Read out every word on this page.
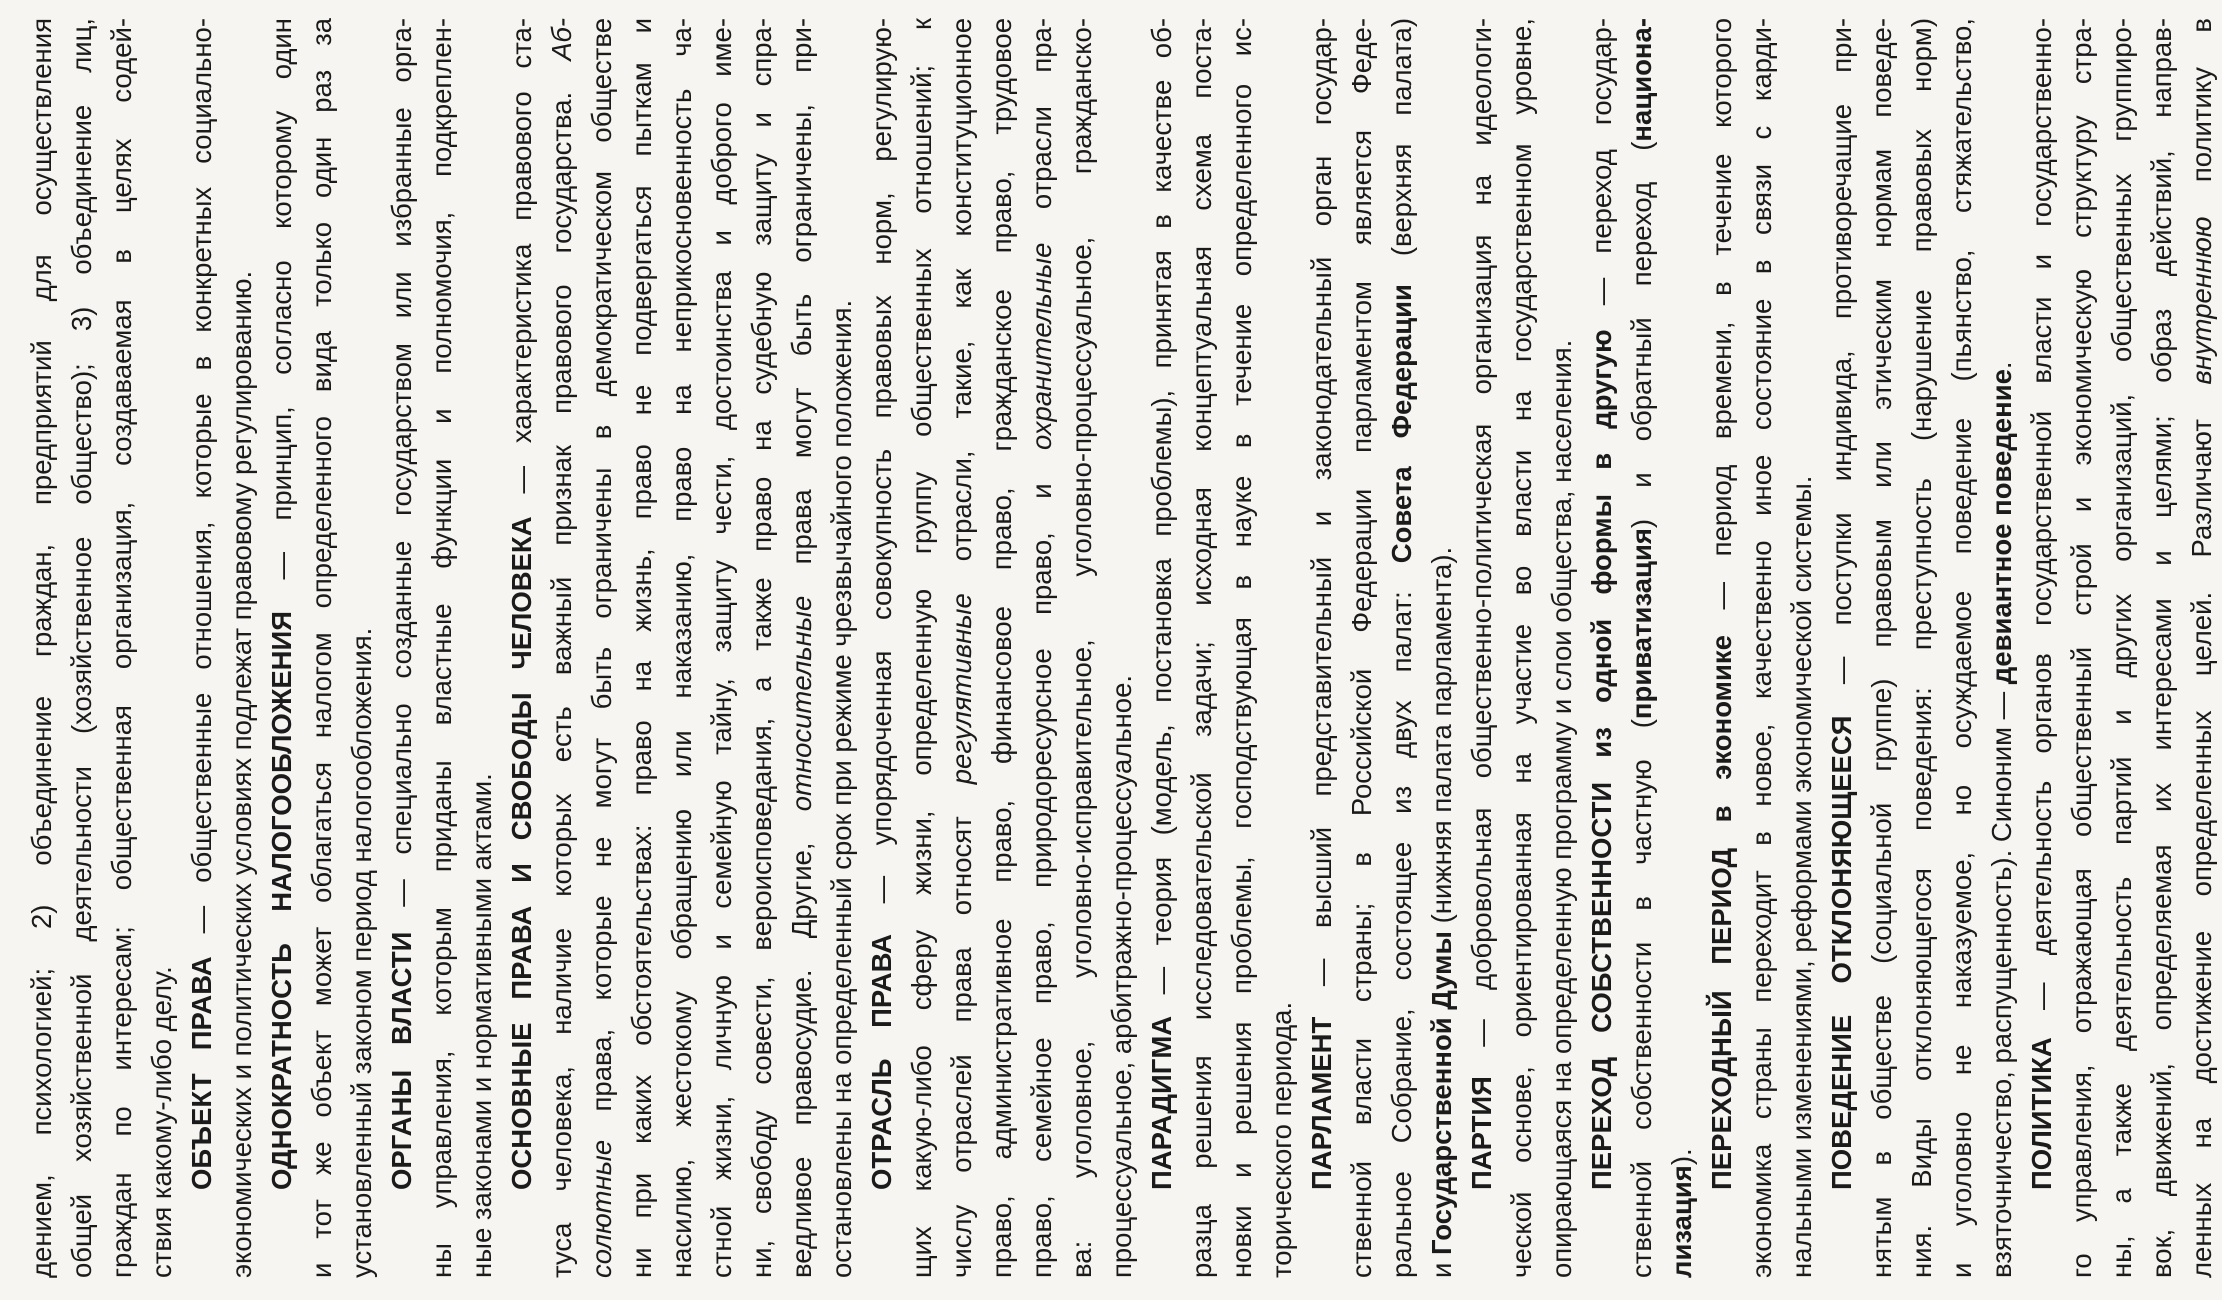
дением, психологией; 2) объединение граждан, предприятий для осуществления общей хозяйственной деятельности (хозяйственное общество); 3) объединение лиц, граждан по интересам; общественная организация, создаваемая в целях содей- ствия какому-либо делу. ОБЪЕКТ ПРАВА — общественные отношения, которые в конкретных социально- экономических и политических условиях подлежат правовому регулированию. ОДНОКРАТНОСТЬ НАЛОГООБЛОЖЕНИЯ — принцип, согласно которому один и тот же объект может облагаться налогом определенного вида только один раз за установленный законом период налогообложения. ОРГАНЫ ВЛАСТИ — специально созданные государством или избранные орга- ны управления, которым приданы властные функции и полномочия, подкреплен- ные законами и нормативными актами. ОСНОВНЫЕ ПРАВА И СВОБОДЫ ЧЕЛОВЕКА — характеристика правового ста- туса человека, наличие которых есть важный признак правового государства. Аб-
солютные права, которые не могут быть ограничены в демократическом обществе ни при каких обстоятельствах: право на жизнь, право не подвергаться пыткам и насилию, жестокому обращению или наказанию, право на неприкосновенность ча- стной жизни, личную и семейную тайну, защиту чести, достоинства и доброго име- ни, свободу совести, вероисповедания, а также право на судебную защиту и спра- ведливое правосудие. Другие, относительные права могут быть ограничены, при- остановлены на определенный срок при режиме чрезвычайного положения. ОТРАСЛЬ ПРАВА — упорядоченная совокупность правовых норм, регулирую- щих какую-либо сферу жизни, определенную группу общественных отношений; к числу отраслей права относят регулятивные отрасли, такие, как конституционное право, административное право, финансовое право, гражданское право, трудовое право, семейное право, природоресурсное право, и охранительные отрасли пра- ва: уголовное, уголовно-исправительное, уголовно-процессуальное, гражданско- процессуальное, арбитражно-процессуальное. ПАРАДИГМА — теория (модель, постановка проблемы), принятая в качестве об- разца решения исследовательской задачи; исходная концептуальная схема поста- новки и решения проблемы, господствующая в науке в течение определенного ис- торического периода. ПАРЛАМЕНТ — высший представительный и законодательный орган государ- ственной власти страны; в Российской Федерации парламентом является Феде- ральное Собрание, состоящее из двух палат: Совета Федерации (верхняя палата)
и Государственной Думы (нижняя палата парламента).
ПАРТИЯ — добровольная общественно-политическая организация на идеологи- ческой основе, ориентированная на участие во власти на государственном уровне, опирающаяся на определенную программу и слои общества, населения. ПЕРЕХОД СОБСТВЕННОСТИ из одной формы в другую — переход государ-
ственной собственности в частную (приватизация) и обратный переход (национа-
лизация). ПЕРЕХОДНЫЙ ПЕРИОД в экономике — период времени, в течение которого экономика страны переходит в новое, качественно иное состояние в связи с карди- нальными изменениями, реформами экономической системы. ПОВЕДЕНИЕ ОТКЛОНЯЮЩЕЕСЯ — поступки индивида, противоречащие при- нятым в обществе (социальной группе) правовым или этическим нормам поведе- ния. Виды отклоняющегося поведения: преступность (нарушение правовых норм) и уголовно не наказуемое, но осуждаемое поведение (пьянство, стяжательство, взяточничество, распущенность). Синоним — девиантное поведение.
ПОЛИТИКА — деятельность органов государственной власти и государственно- го управления, отражающая общественный строй и экономическую структуру стра- ны, а также деятельность партий и других организаций, общественных группиро- вок, движений, определяемая их интересами и целями; образ действий, направ- ленных на достижение определенных целей. Различают внутреннюю политику в
